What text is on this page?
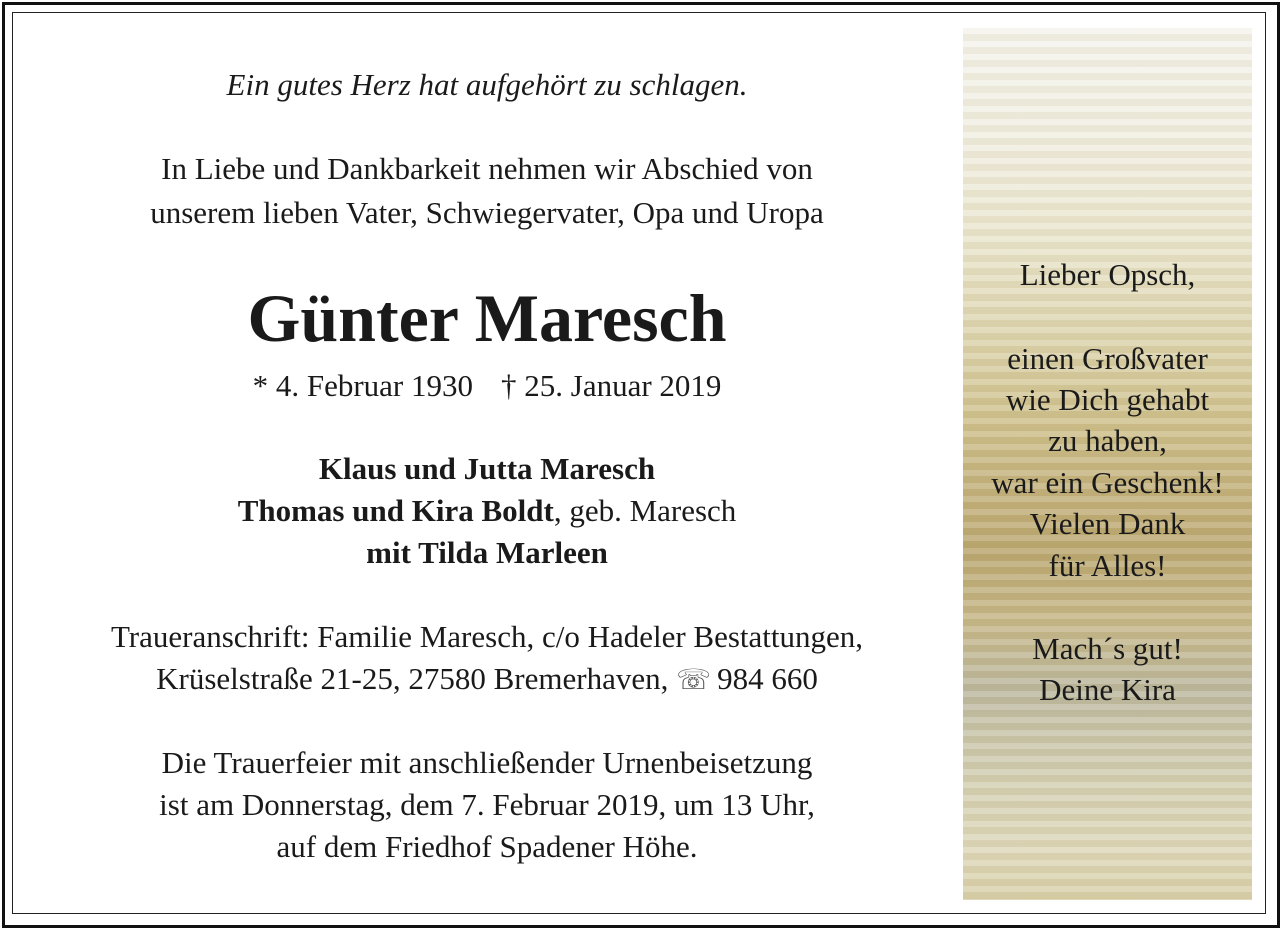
Ein gutes Herz hat aufgehört zu schlagen.
In Liebe und Dankbarkeit nehmen wir Abschied von
unserem lieben Vater, Schwiegervater, Opa und Uropa
Günter Maresch
* 4. Februar 1930 † 25. Januar 2019
Klaus und Jutta Maresch
Thomas und Kira Boldt, geb. Maresch
mit Tilda Marleen
Traueranschrift: Familie Maresch, c/o Hadeler Bestattungen,
Krüselstraße 21-25, 27580 Bremerhaven, ☏ 984 660
Die Trauerfeier mit anschließender Urnenbeisetzung
ist am Donnerstag, dem 7. Februar 2019, um 13 Uhr,
auf dem Friedhof Spadener Höhe.
Lieber Opsch,
einen Großvater
wie Dich gehabt
zu haben,
war ein Geschenk!
Vielen Dank
für Alles!
Mach´s gut!
Deine Kira
